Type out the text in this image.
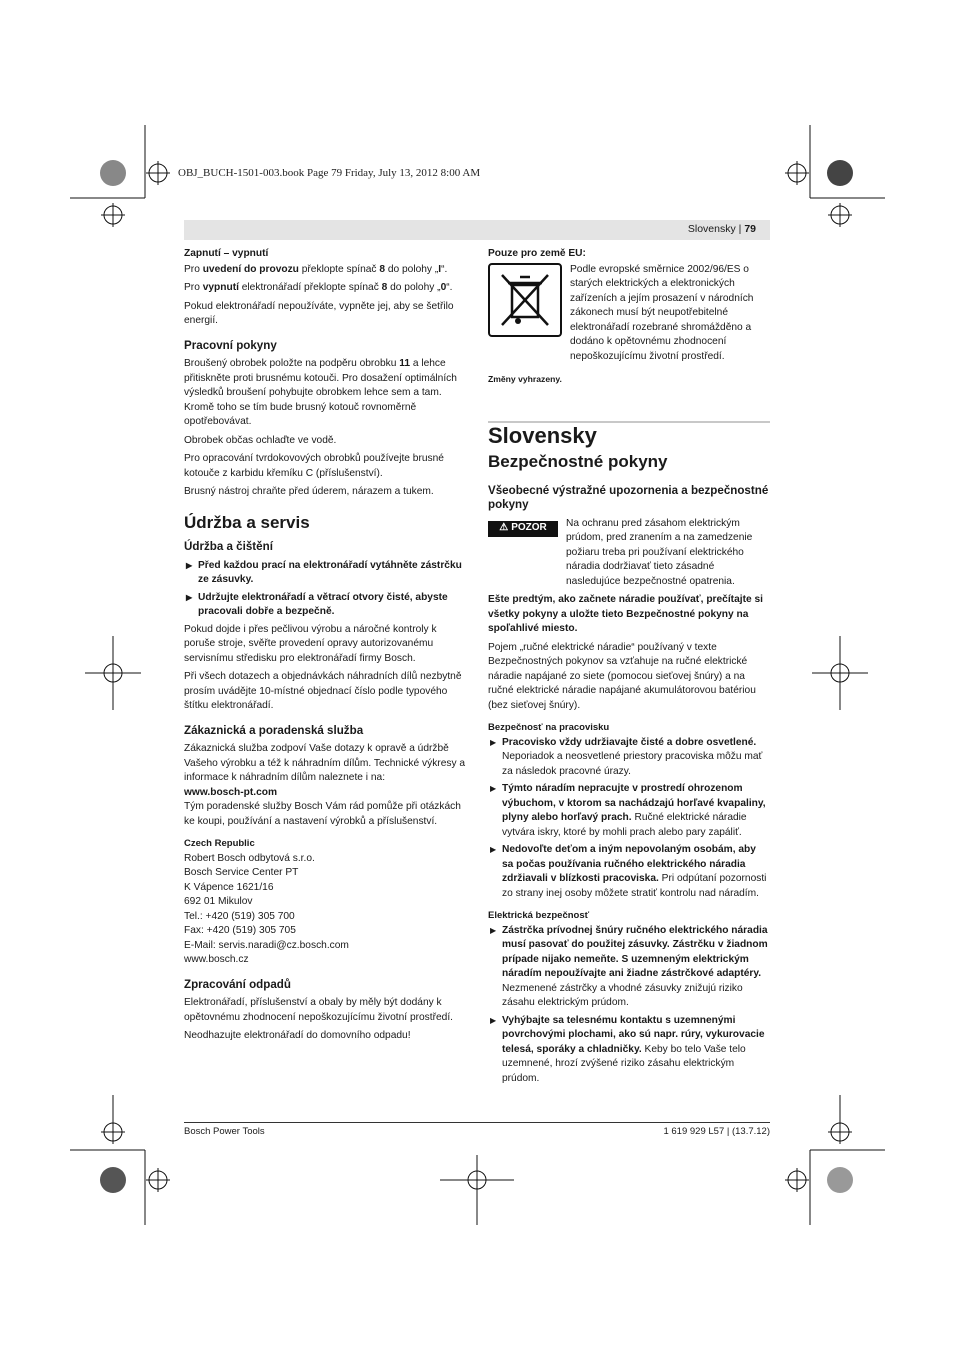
OBJ_BUCH-1501-003.book Page 79 Friday, July 13, 2012 8:00 AM
Slovensky | 79
Zapnutí – vypnutí

Pro uvedení do provozu překlopte spínač 8 do polohy „I“.

Pro vypnutí elektronářadí překlopte spínač 8 do polohy „0“.

Pokud elektronářadí nepoužíváte, vypněte jej, aby se šetřilo energií.

Pracovní pokyny

Broušený obrobek položte na podpěru obrobku 11 a lehce přitiskněte proti brusnému kotouči. Pro dosažení optimálních výsledků broušení pohybujte obrobkem lehce sem a tam. Kromě toho se tím bude brusný kotouč rovnoměrně opotřebovávat.

Obrobek občas ochlaďte ve vodě.

Pro opracování tvrdokovových obrobků používejte brusné kotouče z karbidu křemíku C (příslušenství).

Brusný nástroj chraňte před úderem, nárazem a tukem.

Údržba a servis
Údržba a čištění
▶ Před každou prací na elektronářadí vytáhněte zástrčku ze zásuvky.
▶ Udržujte elektronářadí a větrací otvory čisté, abyste pracovali dobře a bezpečně.

Pokud dojde i přes pečlivou výrobu a náročné kontroly k poruše stroje, svěřte provedení opravy autorizovanému servisnímu středisku pro elektronářadí firmy Bosch.

Při všech dotazech a objednávkách náhradních dílů nezbytně prosím uvádějte 10-místné objednací číslo podle typového štítku elektronářadí.

Zákaznická a poradenská služba

Zákaznická služba zodpoví Vaše dotazy k opravě a údržbě Vašeho výrobku a též k náhradním dílům. Technické výkresy a informace k náhradním dílům naleznete i na:

www.bosch-pt.com

Tým poradenské služby Bosch Vám rád pomůže při otázkách ke koupi, používání a nastavení výrobků a příslušenství.

Czech Republic
Robert Bosch odbytová s.r.o.
Bosch Service Center PT
K Vápence 1621/16
692 01 Mikulov
Tel.: +420 (519) 305 700
Fax: +420 (519) 305 705
E-Mail: servis.naradi@cz.bosch.com
www.bosch.cz
Zpracování odpadů

Elektronářadí, příslušenství a obaly by měly být dodány k opětovnému zhodnocení nepoškozujícímu životní prostředí.

Neodhazujte elektronářadí do domovního odpadu!

Pouze pro země EU:
Podle evropské směrnice 2002/96/ES o starých elektrických a elektronických zařízeních a jejím prosazení v národních zákonech musí být neupotřebitelné elektronářadí rozebrané shromážděno a dodáno k opětovnému zhodnocení nepoškozujícímu životní prostředí.
Změny vyhrazeny.
Slovensky
Bezpečnostné pokyny
Všeobecné výstražné upozornenia a bezpečnostné pokyny
⚠ POZOR Na ochranu pred zásahom elektrickým prúdom, pred zranením a na zamedzenie požiaru treba pri používaní elektrického náradia dodržiavať tieto zásadné nasledujúce bezpečnostné opatrenia.

Ešte predtým, ako začnete náradie používať, prečítajte si všetky pokyny a uložte tieto Bezpečnostné pokyny na spoľahlivé miesto.

Pojem „ručné elektrické náradie“ používaný v texte Bezpečnostných pokynov sa vzťahuje na ručné elektrické náradie napájané zo siete (pomocou sieťovej šnúry) a na ručné elektrické náradie napájané akumulátorovou batériou (bez sieťovej šnúry).

Bezpečnosť na pracovisku
▶ Pracovisko vždy udržiavajte čisté a dobre osvetlené. Neporiadok a neosvetlené priestory pracoviska môžu mať za následok pracovné úrazy.
▶ Týmto náradím nepracujte v prostredí ohrozenom výbuchom, v ktorom sa nachádzajú horľavé kvapaliny, plyny alebo horľavý prach. Ručné elektrické náradie vytvára iskry, ktoré by mohli prach alebo pary zapáliť.
▶ Nedovoľte deťom a iným nepovolaným osobám, aby sa počas používania ručného elektrického náradia zdržiavali v blízkosti pracoviska. Pri odpútaní pozornosti zo strany inej osoby môžete stratiť kontrolu nad náradím.
Elektrická bezpečnosť
▶ Zástrčka prívodnej šnúry ručného elektrického náradia musí pasovať do použitej zásuvky. Zástrčku v žiadnom prípade nijako nemeňte. S uzemneným elektrickým náradím nepoužívajte ani žiadne zástrčkové adaptéry. Nezmenené zástrčky a vhodné zásuvky znižujú riziko zásahu elektrickým prúdom.
▶ Vyhýbajte sa telesnému kontaktu s uzemnenými povrchovými plochami, ako sú napr. rúry, vykurovacie telesá, sporáky a chladničky. Keby bo telo Vaše telo uzemnené, hrozí zvýšené riziko zásahu elektrickým prúdom.
Bosch Power Tools	1 619 929 L57 | (13.7.12)
